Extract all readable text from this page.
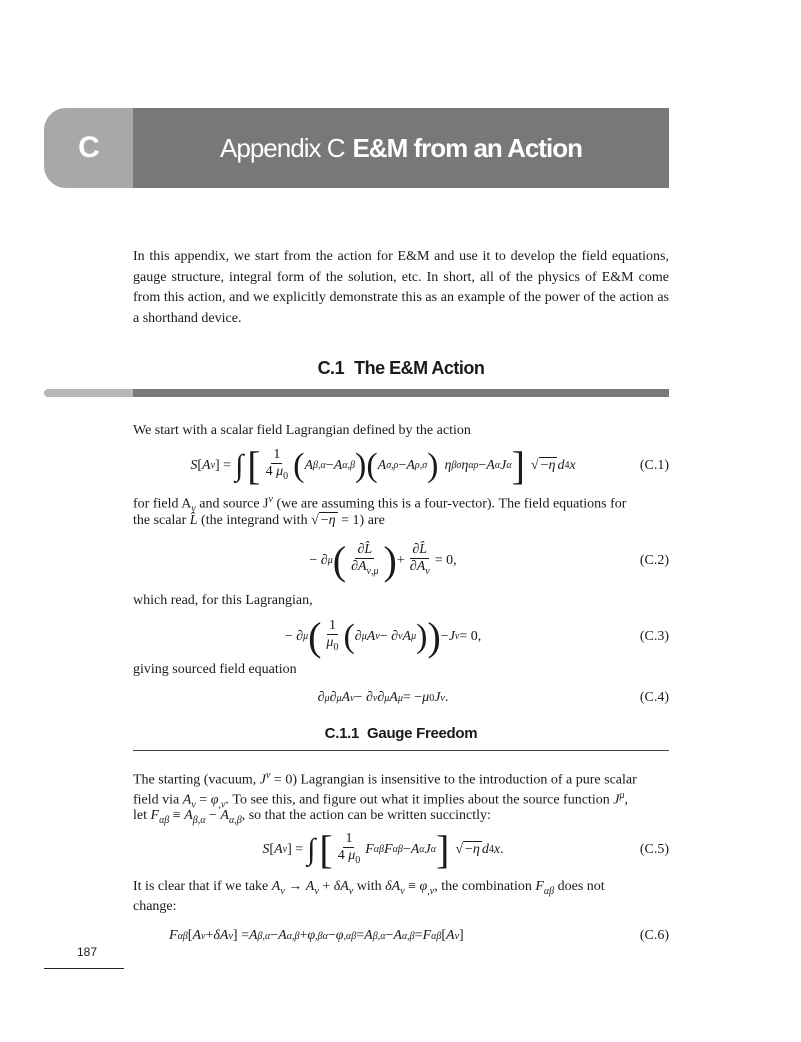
C	Appendix C E&M from an Action
In this appendix, we start from the action for E&M and use it to develop the field equations, gauge structure, integral form of the solution, etc. In short, all of the physics of E&M come from this action, and we explicitly demonstrate this as an example of the power of the action as a shorthand device.
C.1 The E&M Action
We start with a scalar field Lagrangian defined by the action
S [ A ν ] = ∫ [ $\frac{1}{4 \mu_0}$ ( A β,α − A α,β ) ( A σ,ρ − A ρ,σ ) η βσ η αρ − A α J α ] √ −η d 4 x	(C.1)
for field $A_\nu$ and source $J^\nu$ (we are assuming this is a four-vector). The field equations for
the scalar L̂ (the integrand with √ −η = 1) are
− ∂ μ ( $\frac{\partial L̂}{\partial A_{\nu,\mu}}$ ) + $\frac{\partial L̂}{\partial A_\nu} = 0$,	(C.2)
which read, for this Lagrangian,
− ∂ μ ( $\frac{1}{\mu_0}$ ( ∂ μ A ν − ∂ ν A μ ) ) − J ν = 0,	(C.3)
giving sourced field equation
∂ μ ∂ μ A ν − ∂ ν ∂ μ A μ = − μ 0 J ν .	(C.4)
C.1.1 Gauge Freedom
The starting (vacuum, $J^\nu = 0$) Lagrangian is insensitive to the introduction of a pure scalar
field via $A_\nu = \varphi_{,\nu}$. To see this, and figure out what it implies about the source function $J^\mu$,
let $F_{\alpha\beta} \equiv A_{\beta,\alpha} - A_{\alpha,\beta}$, so that the action can be written succinctly:
S [ A ν ] = ∫ [ $\frac{1}{4 \mu_0}$ F αβ F αβ − A α J α ] √ −η d 4 x .	(C.5)
It is clear that if we take $A_\nu \to A_\nu + \delta A_\nu$ with $\delta A_\nu \equiv \varphi_{,\nu}$, the combination $F_{\alpha\beta}$ does not
change:
F αβ [ A ν + δA ν ] = A β,α − A α,β + φ ,βα − φ ,αβ = A β,α − A α,β = F αβ [ A ν ]	(C.6)
187
